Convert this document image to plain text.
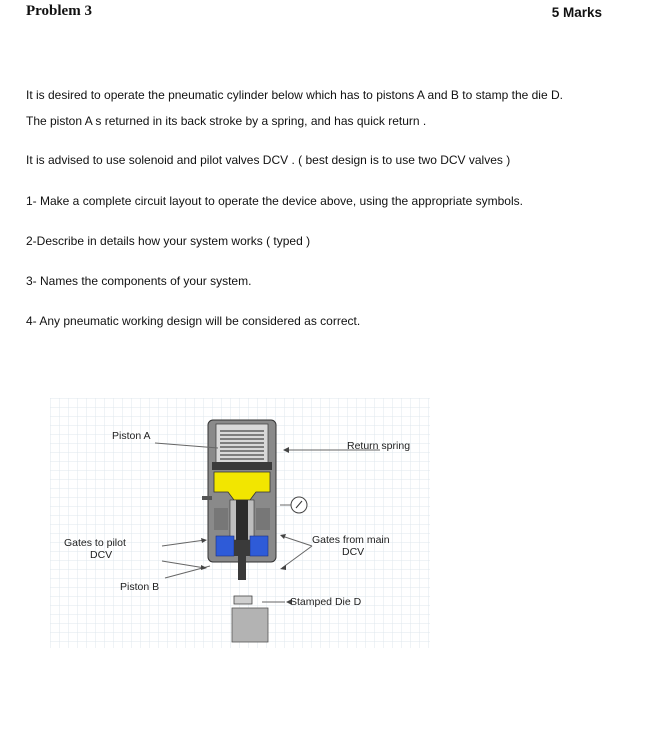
Problem 3	5 Marks
It is desired to operate the pneumatic cylinder below which has to pistons A and B to stamp the die D.
The piston A s returned in its back stroke by a spring, and has quick return .
It is advised to use solenoid and pilot valves DCV . ( best design is to use two DCV valves )
1- Make a complete circuit layout to operate the device above, using the appropriate symbols.
2-Describe in details how your system works ( typed )
3- Names the components of your system.
4- Any pneumatic working design will be considered as correct.
Piston A
Return spring
Gates to pilot
DCV
Gates from main
DCV
Piston B
Stamped Die D
